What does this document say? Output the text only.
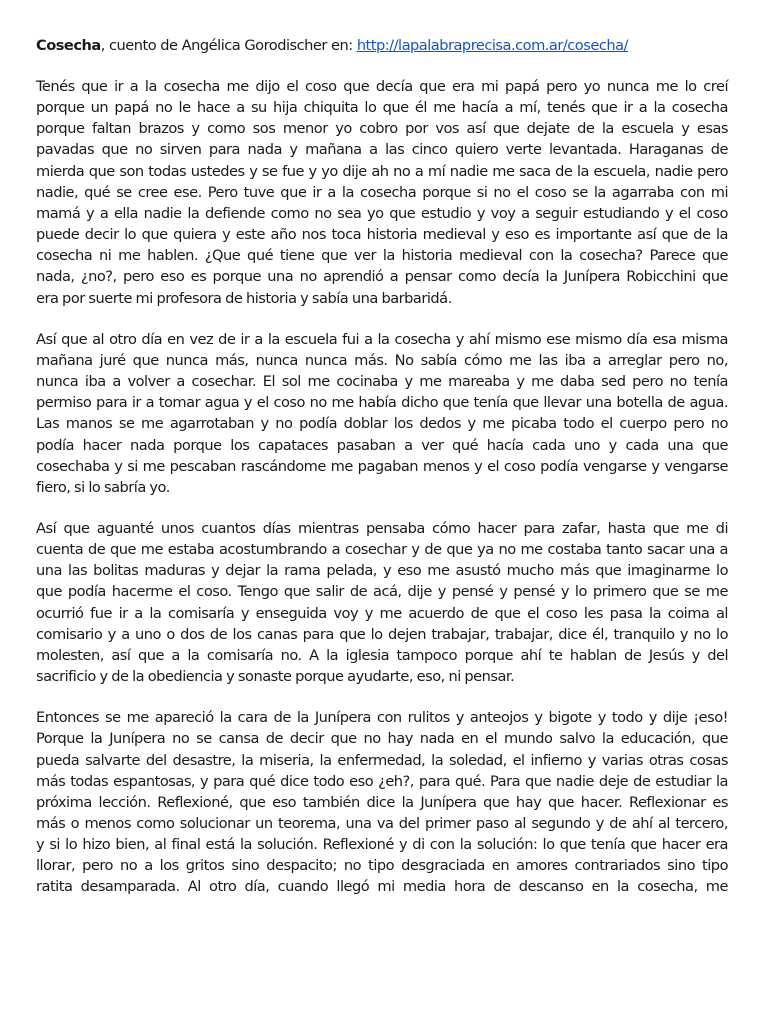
Cosecha, cuento de Angélica Gorodischer en: http://lapalabraprecisa.com.ar/cosecha/

Tenés que ir a la cosecha me dijo el coso que decía que era mi papá pero yo nunca me lo creí
porque un papá no le hace a su hija chiquita lo que él me hacía a mí, tenés que ir a la cosecha
porque faltan brazos y como sos menor yo cobro por vos así que dejate de la escuela y esas
pavadas que no sirven para nada y mañana a las cinco quiero verte levantada. Haraganas de
mierda que son todas ustedes y se fue y yo dije ah no a mí nadie me saca de la escuela, nadie pero
nadie, qué se cree ese. Pero tuve que ir a la cosecha porque si no el coso se la agarraba con mi
mamá y a ella nadie la defiende como no sea yo que estudio y voy a seguir estudiando y el coso
puede decir lo que quiera y este año nos toca historia medieval y eso es importante así que de la
cosecha ni me hablen. ¿Que qué tiene que ver la historia medieval con la cosecha? Parece que
nada, ¿no?, pero eso es porque una no aprendió a pensar como decía la Junípera Robicchini que
era por suerte mi profesora de historia y sabía una barbaridá.

Así que al otro día en vez de ir a la escuela fui a la cosecha y ahí mismo ese mismo día esa misma
mañana juré que nunca más, nunca nunca más. No sabía cómo me las iba a arreglar pero no,
nunca iba a volver a cosechar. El sol me cocinaba y me mareaba y me daba sed pero no tenía
permiso para ir a tomar agua y el coso no me había dicho que tenía que llevar una botella de agua.
Las manos se me agarrotaban y no podía doblar los dedos y me picaba todo el cuerpo pero no
podía hacer nada porque los capataces pasaban a ver qué hacía cada uno y cada una que
cosechaba y si me pescaban rascándome me pagaban menos y el coso podía vengarse y vengarse
fiero, si lo sabría yo.

Así que aguanté unos cuantos días mientras pensaba cómo hacer para zafar, hasta que me di
cuenta de que me estaba acostumbrando a cosechar y de que ya no me costaba tanto sacar una a
una las bolitas maduras y dejar la rama pelada, y eso me asustó mucho más que imaginarme lo
que podía hacerme el coso. Tengo que salir de acá, dije y pensé y pensé y lo primero que se me
ocurrió fue ir a la comisaría y enseguida voy y me acuerdo de que el coso les pasa la coima al
comisario y a uno o dos de los canas para que lo dejen trabajar, trabajar, dice él, tranquilo y no lo
molesten, así que a la comisaría no. A la iglesia tampoco porque ahí te hablan de Jesús y del
sacrificio y de la obediencia y sonaste porque ayudarte, eso, ni pensar.

Entonces se me apareció la cara de la Junípera con rulitos y anteojos y bigote y todo y dije ¡eso!
Porque la Junípera no se cansa de decir que no hay nada en el mundo salvo la educación, que
pueda salvarte del desastre, la miseria, la enfermedad, la soledad, el infierno y varias otras cosas
más todas espantosas, y para qué dice todo eso ¿eh?, para qué. Para que nadie deje de estudiar la
próxima lección. Reflexioné, que eso también dice la Junípera que hay que hacer. Reflexionar es
más o menos como solucionar un teorema, una va del primer paso al segundo y de ahí al tercero,
y si lo hizo bien, al final está la solución. Reflexioné y di con la solución: lo que tenía que hacer era
llorar, pero no a los gritos sino despacito; no tipo desgraciada en amores contrariados sino tipo
ratita desamparada. Al otro día, cuando llegó mi media hora de descanso en la cosecha, me
